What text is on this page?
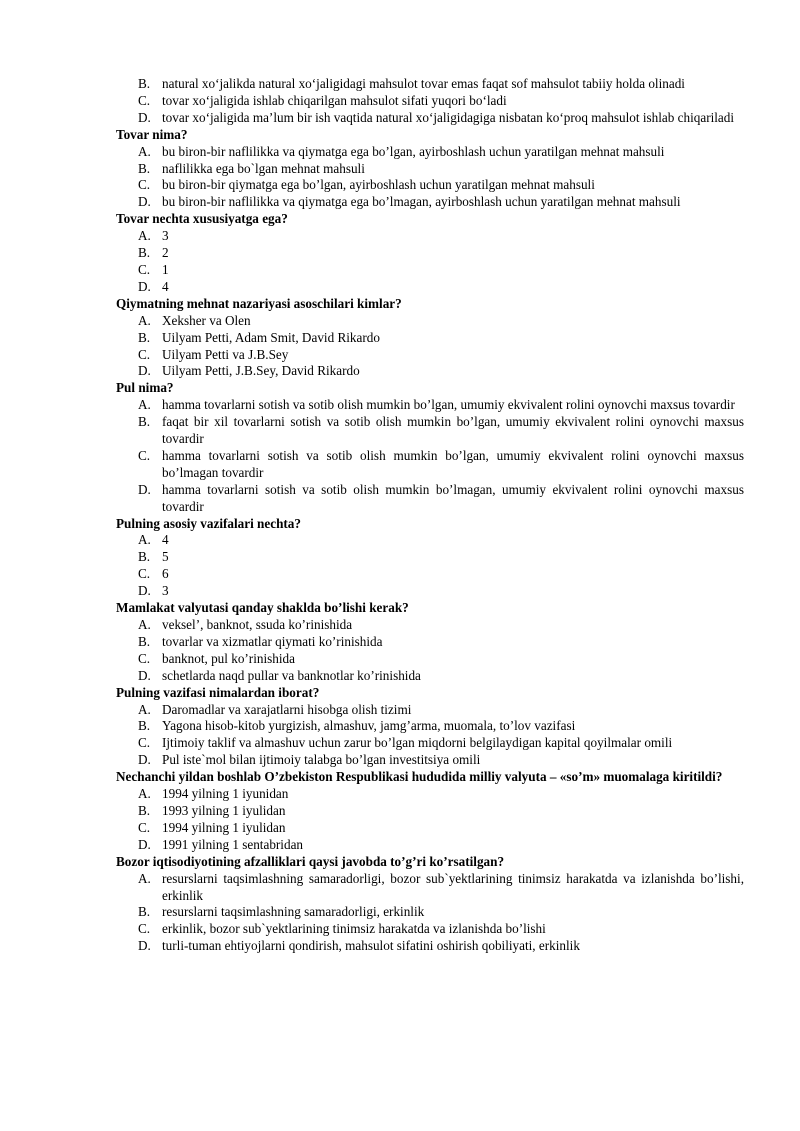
B. natural xo‘jalikda natural xo‘jaligidagi mahsulot tovar emas faqat sof mahsulot tabiiy holda olinadi
C. tovar xo‘jaligida ishlab chiqarilgan mahsulot sifati yuqori bo‘ladi
D. tovar xo‘jaligida ma’lum bir ish vaqtida natural xo‘jaligidagiga nisbatan ko‘proq mahsulot ishlab chiqariladi
Tovar nima?
A. bu biron-bir naflilikka va qiymatga ega bo’lgan, ayirboshlash uchun yaratilgan mehnat mahsuli
B. naflilikka ega bo`lgan mehnat mahsuli
C. bu biron-bir qiymatga ega bo’lgan, ayirboshlash uchun yaratilgan mehnat mahsuli
D. bu biron-bir naflilikka va qiymatga ega bo’lmagan, ayirboshlash uchun yaratilgan mehnat mahsuli
Tovar nechta xususiyatga ega?
A. 3
B. 2
C. 1
D. 4
Qiymatning mehnat nazariyasi asoschilari kimlar?
A. Xeksher va Olen
B. Uilyam Petti, Adam Smit, David Rikardo
C. Uilyam Petti va J.B.Sey
D. Uilyam Petti, J.B.Sey, David Rikardo
Pul nima?
A. hamma tovarlarni sotish va sotib olish mumkin bo’lgan, umumiy ekvivalent rolini oynovchi maxsus tovardir
B. faqat bir xil tovarlarni sotish va sotib olish mumkin bo’lgan, umumiy ekvivalent rolini oynovchi maxsus tovardir
C. hamma tovarlarni sotish va sotib olish mumkin bo’lgan, umumiy ekvivalent rolini oynovchi maxsus bo’lmagan tovardir
D. hamma tovarlarni sotish va sotib olish mumkin bo’lmagan, umumiy ekvivalent rolini oynovchi maxsus tovardir
Pulning asosiy vazifalari nechta?
A. 4
B. 5
C. 6
D. 3
Mamlakat valyutasi qanday shaklda bo’lishi kerak?
A. veksel’, banknot, ssuda ko’rinishida
B. tovarlar va xizmatlar qiymati ko’rinishida
C. banknot, pul ko’rinishida
D. schetlarda naqd pullar va banknotlar ko’rinishida
Pulning vazifasi nimalardan iborat?
A. Daromadlar va xarajatlarni hisobga olish tizimi
B. Yagona hisob-kitob yurgizish, almashuv, jamg’arma, muomala, to’lov vazifasi
C. Ijtimoiy taklif va almashuv uchun zarur bo’lgan miqdorni belgilaydigan kapital qoyilmalar omili
D. Pul iste`mol bilan ijtimoiy talabga bo’lgan investitsiya omili
Nechanchi yildan boshlab O’zbekiston Respublikasi hududida milliy valyuta – «so’m» muomalaga kiritildi?
A. 1994 yilning 1 iyunidan
B. 1993 yilning 1 iyulidan
C. 1994 yilning 1 iyulidan
D. 1991 yilning 1 sentabridan
Bozor iqtisodiyotining afzalliklari qaysi javobda to’g’ri ko’rsatilgan?
A. resurslarni taqsimlashning samaradorligi, bozor sub`yektlarining tinimsiz harakatda va izlanishda bo’lishi, erkinlik
B. resurslarni taqsimlashning samaradorligi, erkinlik
C. erkinlik, bozor sub`yektlarining tinimsiz harakatda va izlanishda bo’lishi
D. turli-tuman ehtiyojlarni qondirish, mahsulot sifatini oshirish qobiliyati, erkinlik
